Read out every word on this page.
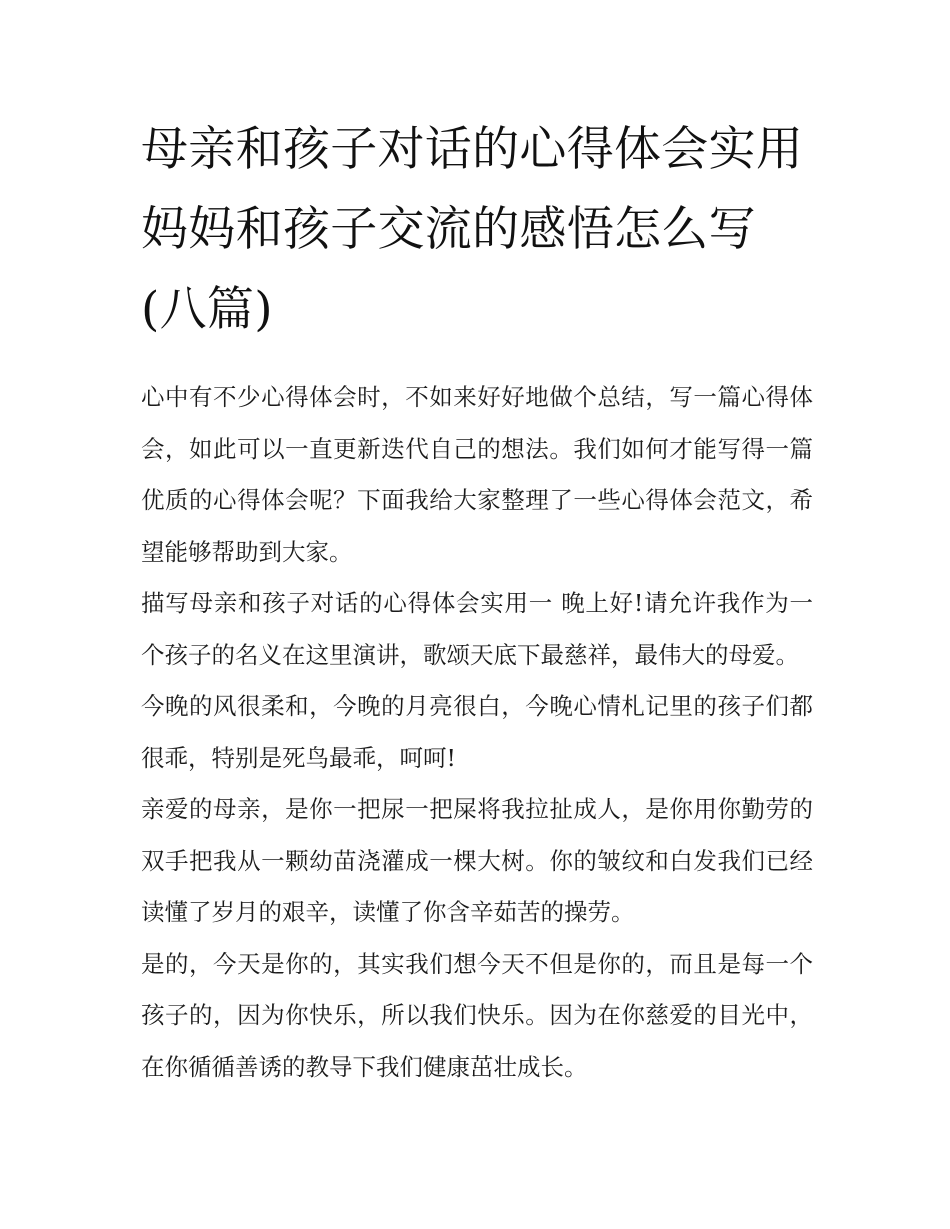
母亲和孩子对话的心得体会实用 妈妈和孩子交流的感悟怎么写(八篇)

心中有不少心得体会时，不如来好好地做个总结，写一篇心得体会，如此可以一直更新迭代自己的想法。我们如何才能写得一篇优质的心得体会呢？下面我给大家整理了一些心得体会范文，希望能够帮助到大家。

描写母亲和孩子对话的心得体会实用一 晚上好!请允许我作为一个孩子的名义在这里演讲，歌颂天底下最慈祥，最伟大的母爱。

今晚的风很柔和，今晚的月亮很白，今晚心情札记里的孩子们都很乖，特别是死鸟最乖，呵呵!

亲爱的母亲，是你一把尿一把屎将我拉扯成人，是你用你勤劳的双手把我从一颗幼苗浇灌成一棵大树。你的皱纹和白发我们已经读懂了岁月的艰辛，读懂了你含辛茹苦的操劳。

是的，今天是你的，其实我们想今天不但是你的，而且是每一个孩子的，因为你快乐，所以我们快乐。因为在你慈爱的目光中，在你循循善诱的教导下我们健康茁壮成长。
